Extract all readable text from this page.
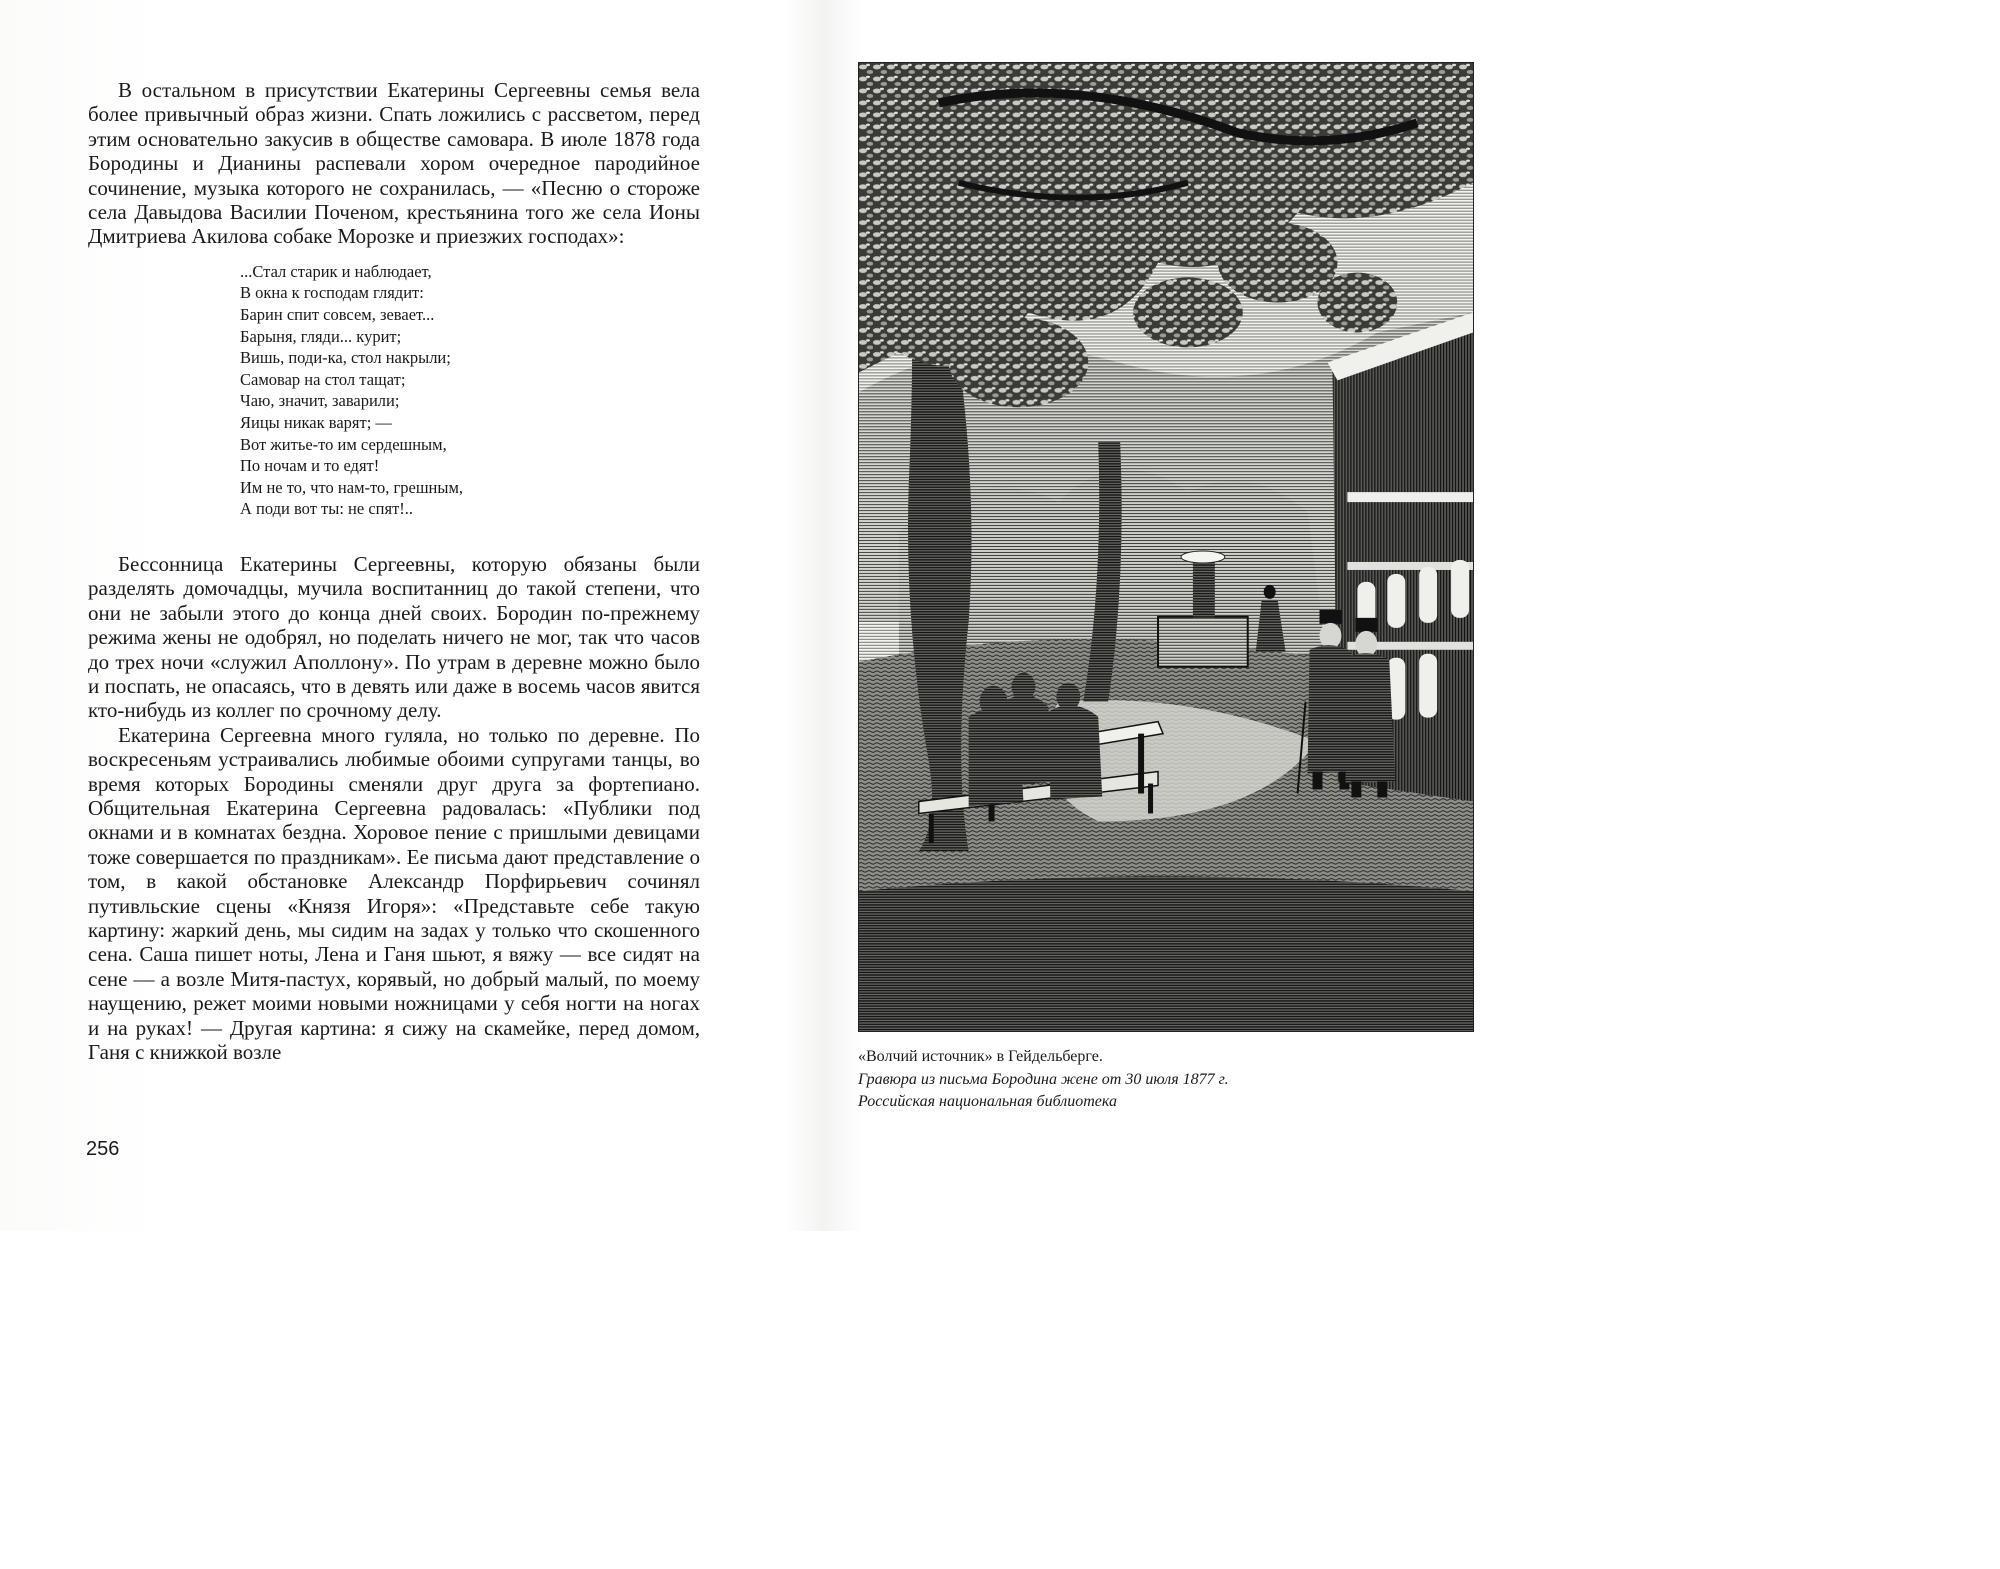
В остальном в присутствии Екатерины Сергеевны семья вела более привычный образ жизни. Спать ложились с рассветом, перед этим основательно закусив в обществе самовара. В июле 1878 года Бородины и Дианины распевали хором очередное пародийное сочинение, музыка которого не сохранилась, — «Песню о стороже села Давыдова Василии Поченом, крестьянина того же села Ионы Дмитриева Акилова собаке Морозке и приезжих господах»:

...Стал старик и наблюдает,
В окна к господам глядит:
Барин спит совсем, зевает...
Барыня, гляди... курит;
Вишь, поди-ка, стол накрыли;
Самовар на стол тащат;
Чаю, значит, заварили;
Яицы никак варят; —
Вот житье-то им сердешным,
По ночам и то едят!
Им не то, что нам-то, грешным,
А поди вот ты: не спят!..

Бессонница Екатерины Сергеевны, которую обязаны были разделять домочадцы, мучила воспитанниц до такой степени, что они не забыли этого до конца дней своих. Бородин по-прежнему режима жены не одобрял, но поделать ничего не мог, так что часов до трех ночи «служил Аполлону». По утрам в деревне можно было и поспать, не опасаясь, что в девять или даже в восемь часов явится кто-нибудь из коллег по срочному делу.

Екатерина Сергеевна много гуляла, но только по деревне. По воскресеньям устраивались любимые обоими супругами танцы, во время которых Бородины сменяли друг друга за фортепиано. Общительная Екатерина Сергеевна радовалась: «Публики под окнами и в комнатах бездна. Хоровое пение с пришлыми девицами тоже совершается по праздникам». Ее письма дают представление о том, в какой обстановке Александр Порфирьевич сочинял путивльские сцены «Князя Игоря»: «Представьте себе такую картину: жаркий день, мы сидим на задах у только что скошенного сена. Саша пишет ноты, Лена и Ганя шьют, я вяжу — все сидят на сене — а возле Митя-пастух, корявый, но добрый малый, по моему наущению, режет моими новыми ножницами у себя ногти на ногах и на руках! — Другая картина: я сижу на скамейке, перед домом, Ганя с книжкой возле

256

«Волчий источник» в Гейдельберге.
Гравюра из письма Бородина жене от 30 июля 1877 г.
Российская национальная библиотека
